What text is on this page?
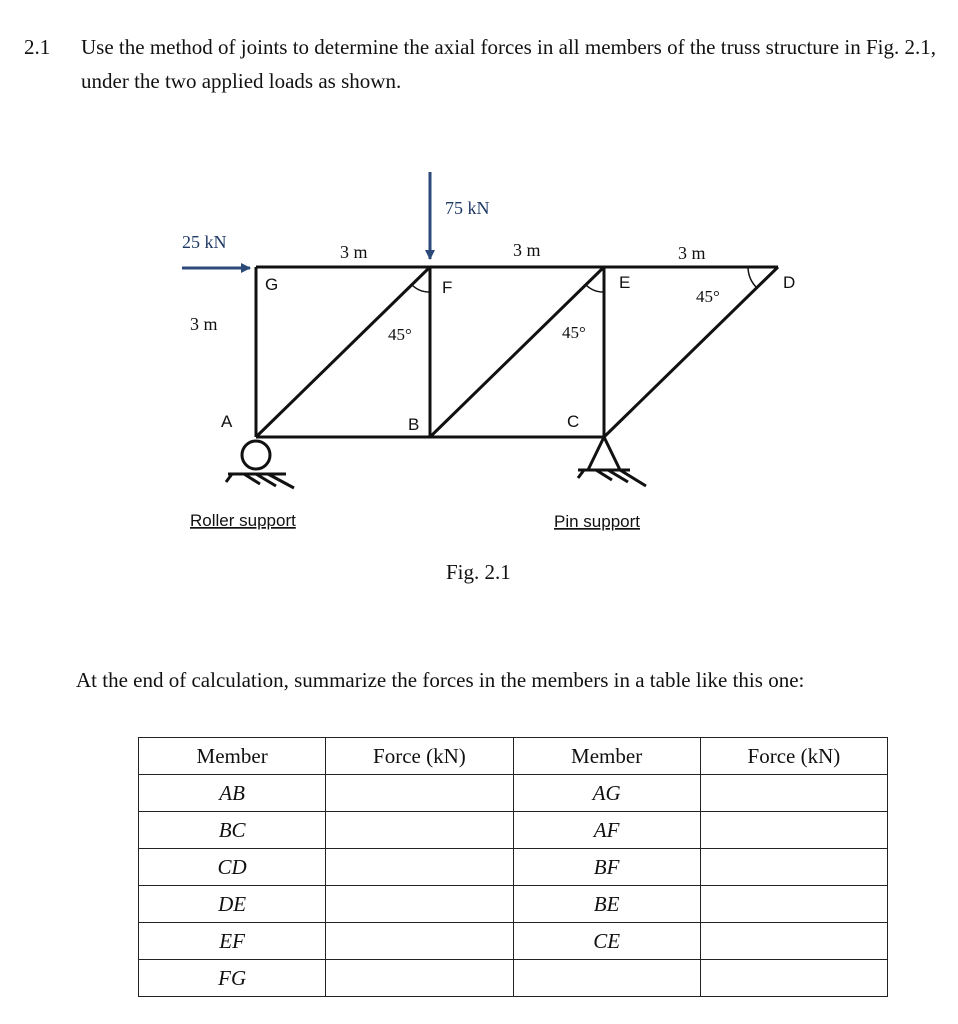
2.1 Use the method of joints to determine the axial forces in all members of the truss structure in Fig. 2.1, under the two applied loads as shown.
25 kN
75 kN
3 m	3 m	3 m
3 m
45°	45°
45°
G	F	E	D
A	B	C
Roller support	Pin support
Fig. 2.1
At the end of calculation, summarize the forces in the members in a table like this one:
Member	Force (kN)	Member	Force (kN)
AB		AG	
BC		AF	
CD		BF	
DE		BE	
EF		CE	
FG			
